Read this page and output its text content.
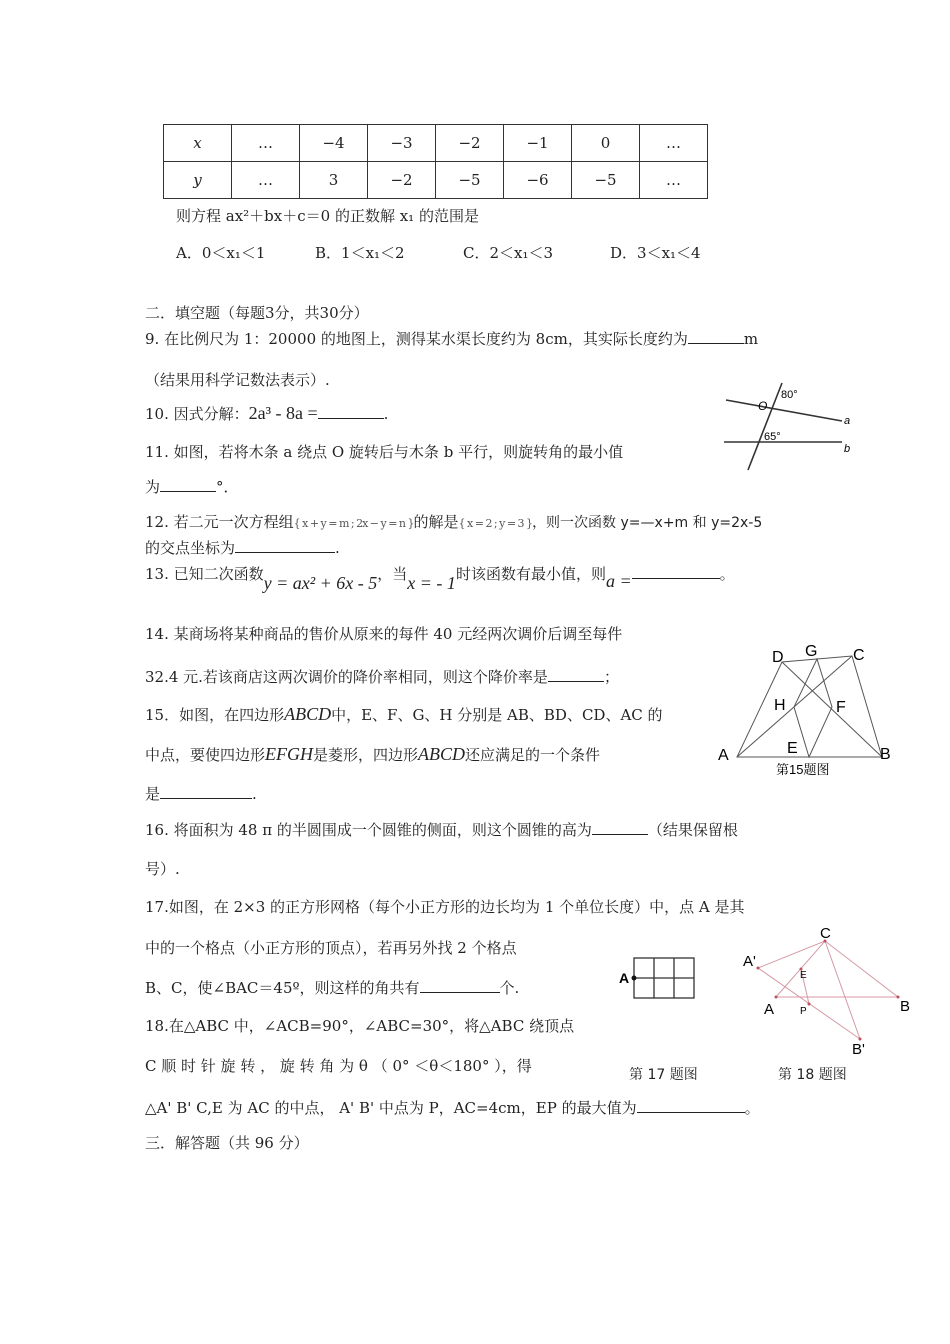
x	…	−4	−3	−2	−1	0	…
y	…	3	−2	−5	−6	−5	…
则方程 ax²＋bx＋c＝0 的正数解 x₁ 的范围是
A．0＜x₁＜1	B．1＜x₁＜2	C．2＜x₁＜3	D．3＜x₁＜4
二．填空题（每题3分，共30分）
9. 在比例尺为 1：20000 的地图上，测得某水渠长度约为 8cm，其实际长度约为	m
（结果用科学记数法表示）.
10. 因式分解：2a³ - 8a =	.
11. 如图，若将木条 a 绕点 O 旋转后与木条 b 平行，则旋转角的最小值
为	°．
O
80°
65°
a
b
12. 若二元一次方程组{ x + y = m ; 2x − y = n }的解是{ x = 2 ; y = 3 }，则一次函数 y=—x+m 和 y=2x-5
的交点坐标为	.
13. 已知二次函数y = ax² + 6x - 5，当x = - 1时该函数有最小值，则a =	。
14. 某商场将某种商品的售价从原来的每件 40 元经两次调价后调至每件
32.4 元.若该商店这两次调价的降价率相同，则这个降价率是	；
15．如图，在四边形ABCD中，E、F、G、H 分别是 AB、BD、CD、AC 的
中点，要使四边形EFGH是菱形，四边形ABCD还应满足的一个条件
是	.
D G C
H	F
E
A	B
第15题图
16. 将面积为 48 π 的半圆围成一个圆锥的侧面，则这个圆锥的高为	（结果保留根
号）.
17.如图，在 2×3 的正方形网格（每个小正方形的边长均为 1 个单位长度）中，点 A 是其
中的一个格点（小正方形的顶点），若再另外找 2 个格点
B、C，使∠BAC＝45º，则这样的角共有	个.
A
C
A'
E
A	P	B
B'
第 17 题图	第 18 题图
18.在△ABC 中，∠ACB=90°，∠ABC=30°，将△ABC 绕顶点
C 顺 时 针 旋 转 ， 旋 转 角 为 θ （ 0° ＜θ＜180° ），得
△A' B' C,E 为 AC 的中点， A' B' 中点为 P，AC=4cm，EP 的最大值为	。
三．解答题（共 96 分）
